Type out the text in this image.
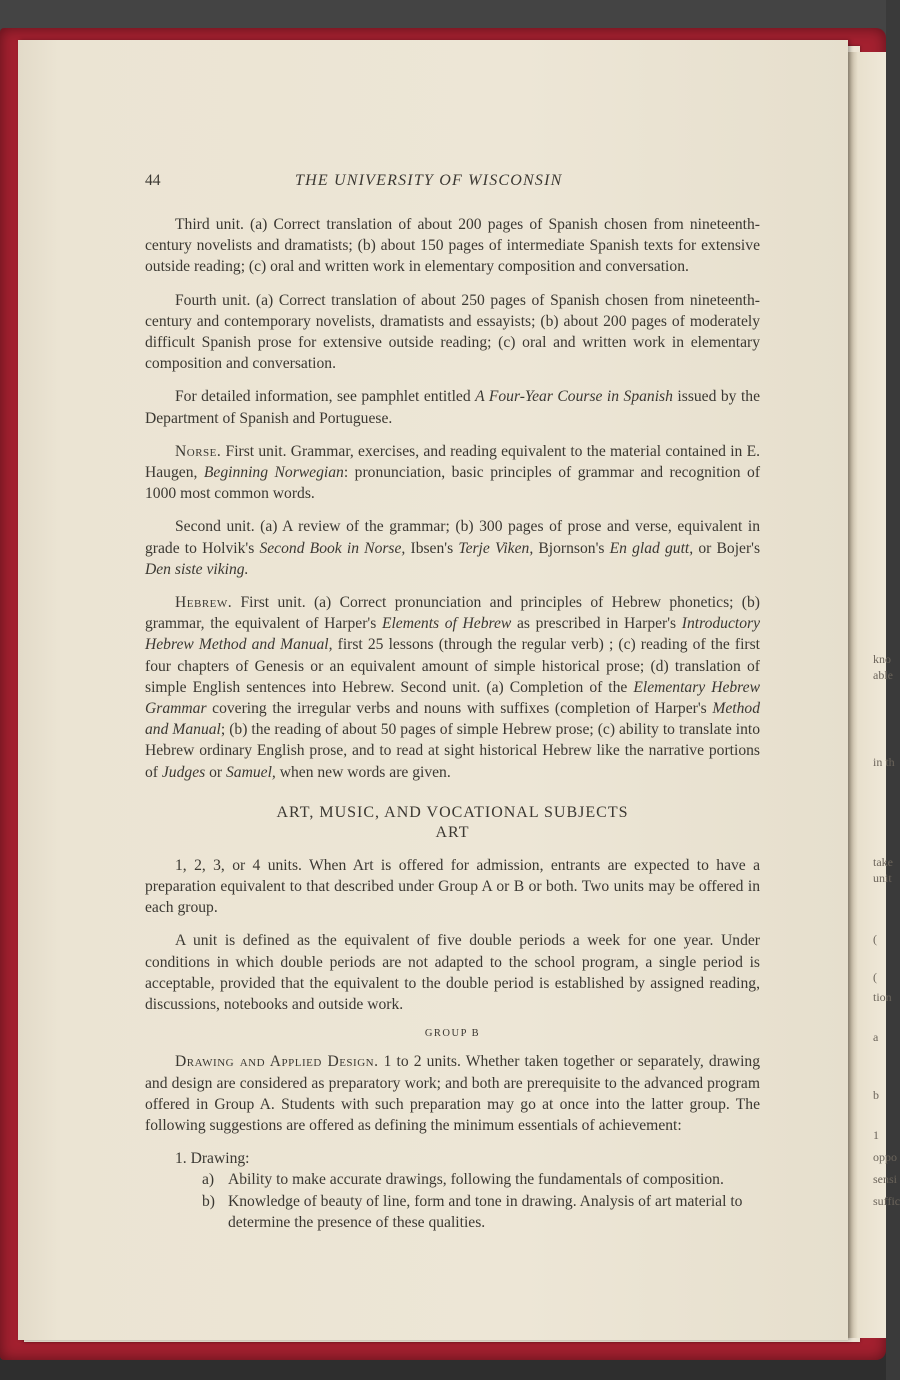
kno
able
in th
take
unit
(
(
tion
a
b
1
oppo
sensi
suffic
44	THE UNIVERSITY OF WISCONSIN

Third unit. (a) Correct translation of about 200 pages of Spanish chosen from nineteenth-century novelists and dramatists; (b) about 150 pages of intermediate Spanish texts for extensive outside reading; (c) oral and written work in elementary composition and conversation.

Fourth unit. (a) Correct translation of about 250 pages of Spanish chosen from nineteenth-century and contemporary novelists, dramatists and essayists; (b) about 200 pages of moderately difficult Spanish prose for extensive outside reading; (c) oral and written work in elementary composition and conversation.

For detailed information, see pamphlet entitled A Four-Year Course in Spanish issued by the Department of Spanish and Portuguese.

Norse. First unit. Grammar, exercises, and reading equivalent to the material contained in E. Haugen, Beginning Norwegian: pronunciation, basic principles of grammar and recognition of 1000 most common words.

Second unit. (a) A review of the grammar; (b) 300 pages of prose and verse, equivalent in grade to Holvik's Second Book in Norse, Ibsen's Terje Viken, Bjornson's En glad gutt, or Bojer's Den siste viking.

Hebrew. First unit. (a) Correct pronunciation and principles of Hebrew phonetics; (b) grammar, the equivalent of Harper's Elements of Hebrew as prescribed in Harper's Introductory Hebrew Method and Manual, first 25 lessons (through the regular verb) ; (c) reading of the first four chapters of Genesis or an equivalent amount of simple historical prose; (d) translation of simple English sentences into Hebrew. Second unit. (a) Completion of the Elementary Hebrew Grammar covering the irregular verbs and nouns with suffixes (completion of Harper's Method and Manual; (b) the reading of about 50 pages of simple Hebrew prose; (c) ability to translate into Hebrew ordinary English prose, and to read at sight historical Hebrew like the narrative portions of Judges or Samuel, when new words are given.

ART, MUSIC, AND VOCATIONAL SUBJECTS
ART

1, 2, 3, or 4 units. When Art is offered for admission, entrants are expected to have a preparation equivalent to that described under Group A or B or both. Two units may be offered in each group.

A unit is defined as the equivalent of five double periods a week for one year. Under conditions in which double periods are not adapted to the school program, a single period is acceptable, provided that the equivalent to the double period is established by assigned reading, discussions, notebooks and outside work.

GROUP B

Drawing and Applied Design. 1 to 2 units. Whether taken together or separately, drawing and design are considered as preparatory work; and both are prerequisite to the advanced program offered in Group A. Students with such preparation may go at once into the latter group. The following suggestions are offered as defining the minimum essentials of achievement:

1. Drawing:
a) Ability to make accurate drawings, following the fundamentals of composition.
b) Knowledge of beauty of line, form and tone in drawing. Analysis of art material to determine the presence of these qualities.
